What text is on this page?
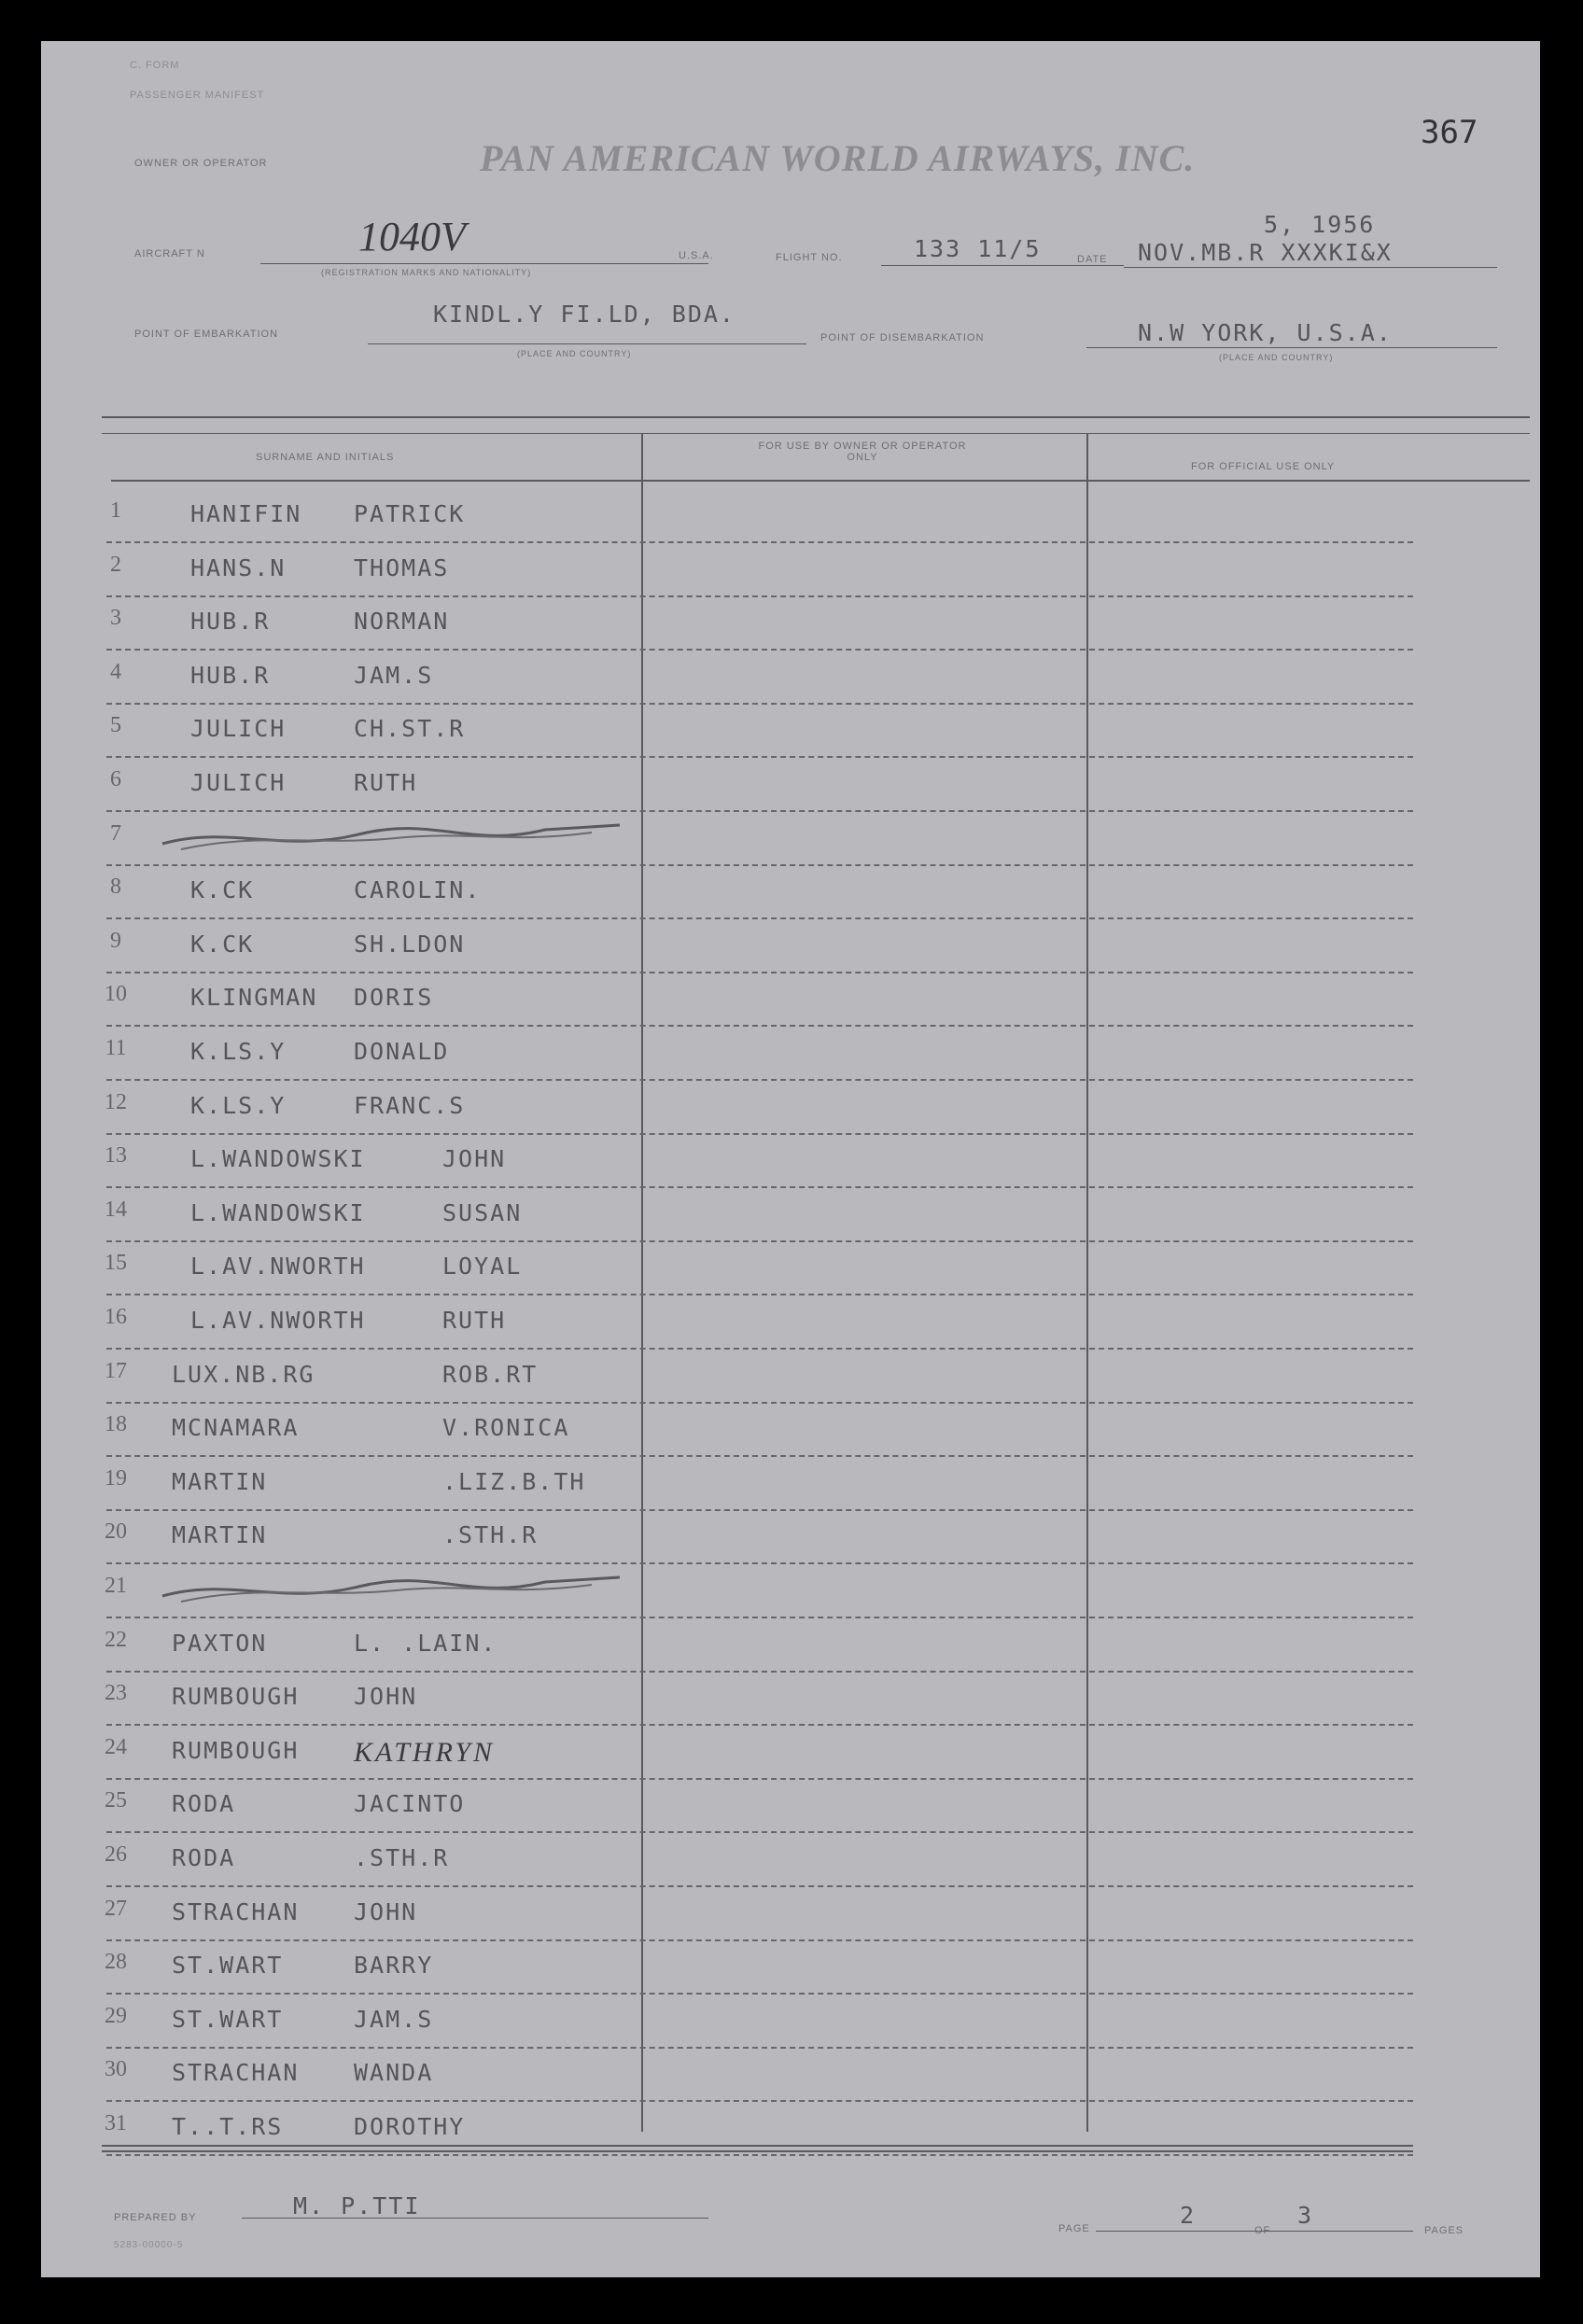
C. FORM
PASSENGER MANIFEST
OWNER OR OPERATOR	PAN AMERICAN WORLD AIRWAYS, INC.
367
AIRCRAFT N	1040V
(REGISTRATION MARKS AND NATIONALITY)
U.S.A.	FLIGHT NO.	133 11/5	DATE
5, 1956
NOV.MB.R XXXKI&X
POINT OF EMBARKATION
KINDL.Y FI.LD, BDA.
(PLACE AND COUNTRY)
POINT OF DISEMBARKATION	N.W YORK, U.S.A.
(PLACE AND COUNTRY)
SURNAME AND INITIALS
FOR USE BY OWNER OR OPERATOR ONLY
FOR OFFICIAL USE ONLY
1	HANIFIN PATRICK
2	HANS.N	THOMAS
3	HUB.R	NORMAN
4	HUB.R	JAM.S
5	JULICH	CH.ST.R
6	JULICH	RUTH
7
8	K.CK	CAROLIN.
9	K.CK	SH.LDON
10	KLINGMAN DORIS
11	K.LS.Y	DONALD
12	K.LS.Y	FRANC.S
13	L.WANDOWSKI	JOHN
14	L.WANDOWSKI	SUSAN
15	L.AV.NWORTH	LOYAL
16	L.AV.NWORTH	RUTH
17	LUX.NB.RG	ROB.RT
18	MCNAMARA	V.RONICA
19	MARTIN	.LIZ.B.TH
20	MARTIN	.STH.R
21
22	PAXTON	L. .LAIN.
23	RUMBOUGH JOHN
24	RUMBOUGH KATHRYN
25	RODA	JACINTO
26	RODA	.STH.R
27	STRACHAN JOHN
28	ST.WART	BARRY
29	ST.WART	JAM.S
30	STRACHAN WANDA
31	T..T.RS	DOROTHY
PREPARED BY	M. P.TTI
5283-00000-5
PAGE	2
OF
3
PAGES
